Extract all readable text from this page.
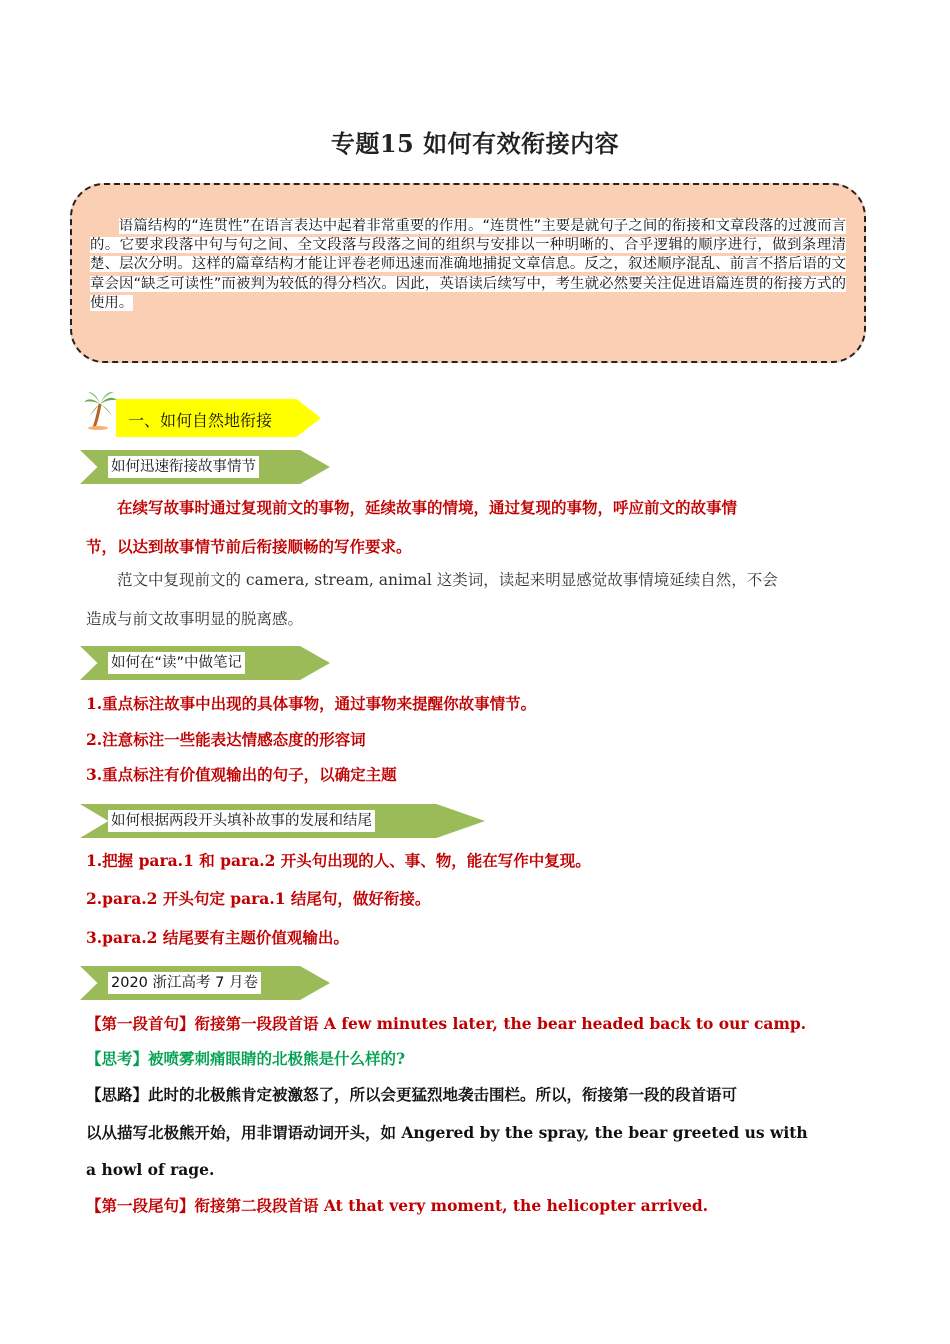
专题15 如何有效衔接内容
语篇结构的“连贯性”在语言表达中起着非常重要的作用。“连贯性”主要是就句子之间的衔接和文章段落的过渡而言的。它要求段落中句与句之间、全文段落与段落之间的组织与安排以一种明晰的、合乎逻辑的顺序进行，做到条理清楚、层次分明。这样的篇章结构才能让评卷老师迅速而准确地捕捉文章信息。反之，叙述顺序混乱、前言不搭后语的文章会因“缺乏可读性”而被判为较低的得分档次。因此，英语读后续写中，考生就必然要关注促进语篇连贯的衔接方式的使用。
一、如何自然地衔接
如何迅速衔接故事情节
在续写故事时通过复现前文的事物，延续故事的情境，通过复现的事物，呼应前文的故事情
节，以达到故事情节前后衔接顺畅的写作要求。
范文中复现前文的 camera, stream, animal 这类词，读起来明显感觉故事情境延续自然，不会
造成与前文故事明显的脱离感。
如何在“读”中做笔记
1.重点标注故事中出现的具体事物，通过事物来提醒你故事情节。
2.注意标注一些能表达情感态度的形容词
3.重点标注有价值观输出的句子，以确定主题
如何根据两段开头填补故事的发展和结尾
1.把握 para.1 和 para.2 开头句出现的人、事、物，能在写作中复现。
2.para.2 开头句定 para.1 结尾句，做好衔接。
3.para.2 结尾要有主题价值观输出。
2020 浙江高考 7 月卷
【第一段首句】衔接第一段段首语 A few minutes later, the bear headed back to our camp.
【思考】被喷雾刺痛眼睛的北极熊是什么样的?
【思路】此时的北极熊肯定被激怒了，所以会更猛烈地袭击围栏。所以，衔接第一段的段首语可
以从描写北极熊开始，用非谓语动词开头，如 Angered by the spray, the bear greeted us with
a howl of rage.
【第一段尾句】衔接第二段段首语 At that very moment, the helicopter arrived.
